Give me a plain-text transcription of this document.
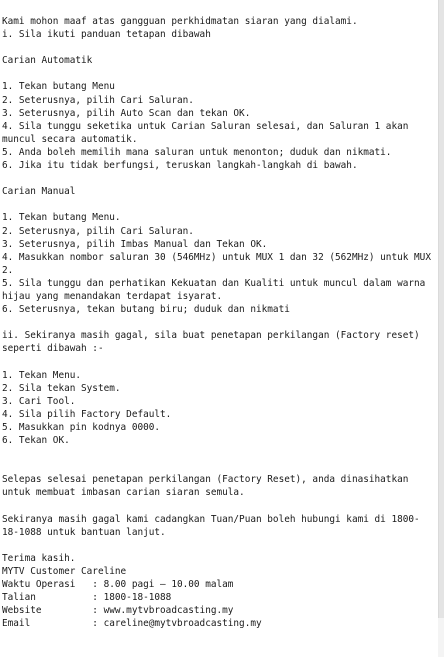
Kami mohon maaf atas gangguan perkhidmatan siaran yang dialami.
i. Sila ikuti panduan tetapan dibawah
Carian Automatik
1. Tekan butang Menu
2. Seterusnya, pilih Cari Saluran.
3. Seterusnya, pilih Auto Scan dan tekan OK.
4. Sila tunggu seketika untuk Carian Saluran selesai, dan Saluran 1 akan muncul secara automatik.
5. Anda boleh memilih mana saluran untuk menonton; duduk dan nikmati.
6. Jika itu tidak berfungsi, teruskan langkah-langkah di bawah.
Carian Manual
1. Tekan butang Menu.
2. Seterusnya, pilih Cari Saluran.
3. Seterusnya, pilih Imbas Manual dan Tekan OK.
4. Masukkan nombor saluran 30 (546MHz) untuk MUX 1 dan 32 (562MHz) untuk MUX 2.
5. Sila tunggu dan perhatikan Kekuatan dan Kualiti untuk muncul dalam warna hijau yang menandakan terdapat isyarat.
6. Seterusnya, tekan butang biru; duduk dan nikmati
ii. Sekiranya masih gagal, sila buat penetapan perkilangan (Factory reset) seperti dibawah :-
1. Tekan Menu.
2. Sila tekan System.
3. Cari Tool.
4. Sila pilih Factory Default.
5. Masukkan pin kodnya 0000.
6. Tekan OK.
Selepas selesai penetapan perkilangan (Factory Reset), anda dinasihatkan untuk membuat imbasan carian siaran semula.
Sekiranya masih gagal kami cadangkan Tuan/Puan boleh hubungi kami di 1800-18-1088 untuk bantuan lanjut.
Terima kasih.
MYTV Customer Careline
Waktu Operasi   : 8.00 pagi – 10.00 malam
Talian          : 1800-18-1088
Website         : www.mytvbroadcasting.my
Email           : careline@mytvbroadcasting.my
